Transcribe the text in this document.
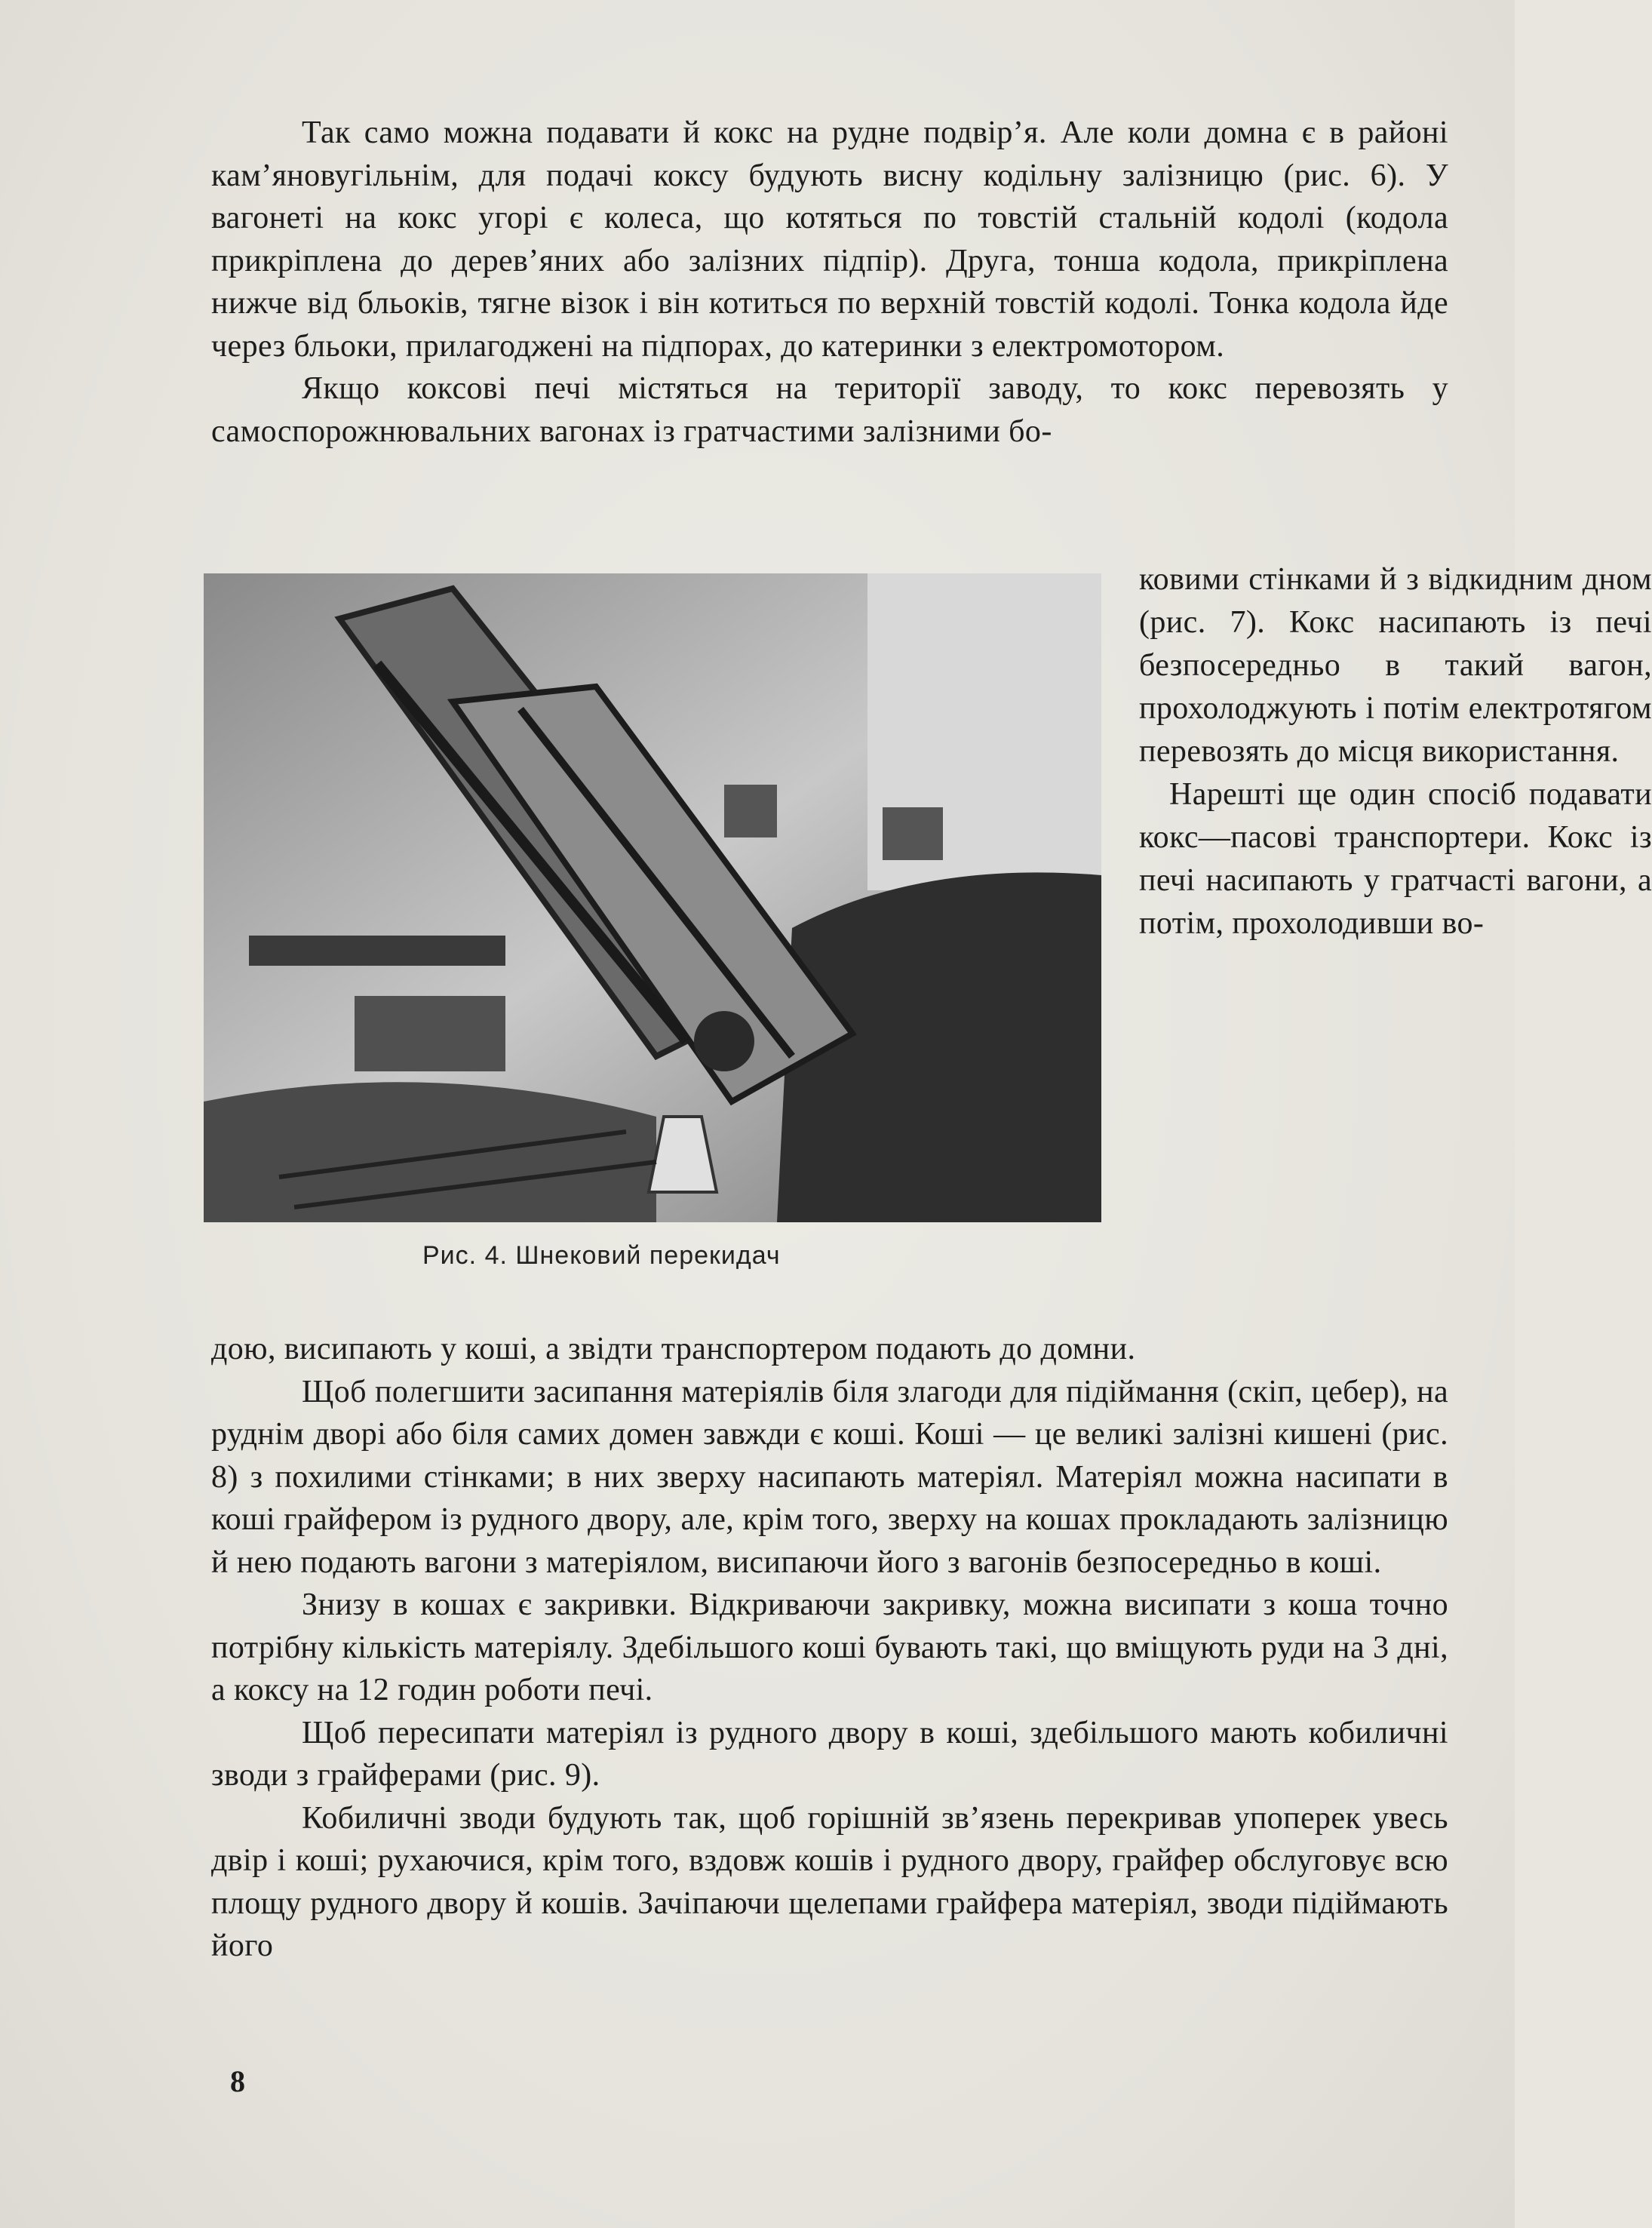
Так само можна подавати й кокс на рудне подвір’я. Але коли домна є в районі кам’яновугільнім, для подачі коксу будують висну кодільну залізницю (рис. 6). У вагонеті на кокс угорі є колеса, що котяться по товстій стальній кодолі (кодола прикріплена до дерев’яних або залізних підпір). Друга, тонша кодола, прикріплена нижче від бльоків, тягне візок і він котиться по верхній товстій кодолі. Тонка кодола йде через бльоки, прилагоджені на підпорах, до катеринки з електромотором.

Якщо коксові печі містяться на території заводу, то кокс перевозять у самоспорожнювальних вагонах із гратчастими залізними бо-

Рис. 4. Шнековий перекидач

ковими стінками й з відкидним дном (рис. 7). Кокс насипають із печі безпосередньо в такий вагон, прохолоджують і потім електротягом перевозять до місця використання.

Нарешті ще один спосіб подавати кокс—пасові транспортери. Кокс із печі насипають у гратчасті вагони, а потім, прохолодивши во-

дою, висипають у коші, а звідти транспортером подають до домни.

Щоб полегшити засипання матеріялів біля злагоди для підіймання (скіп, цебер), на руднім дворі або біля самих домен завжди є коші. Коші — це великі залізні кишені (рис. 8) з похилими стінками; в них зверху насипають матеріял. Матеріял можна насипати в коші грайфером із рудного двору, але, крім того, зверху на кошах прокладають залізницю й нею подають вагони з матеріялом, висипаючи його з вагонів безпосередньо в коші.

Знизу в кошах є закривки. Відкриваючи закривку, можна висипати з коша точно потрібну кількість матеріялу. Здебільшого коші бувають такі, що вміщують руди на 3 дні, а коксу на 12 годин роботи печі.

Щоб пересипати матеріял із рудного двору в коші, здебільшого мають кобиличні зводи з грайферами (рис. 9).

Кобиличні зводи будують так, щоб горішній зв’язень перекривав упоперек увесь двір і коші; рухаючися, крім того, вздовж кошів і рудного двору, грайфер обслуговує всю площу рудного двору й кошів. Зачіпаючи щелепами грайфера матеріял, зводи підіймають його

8
